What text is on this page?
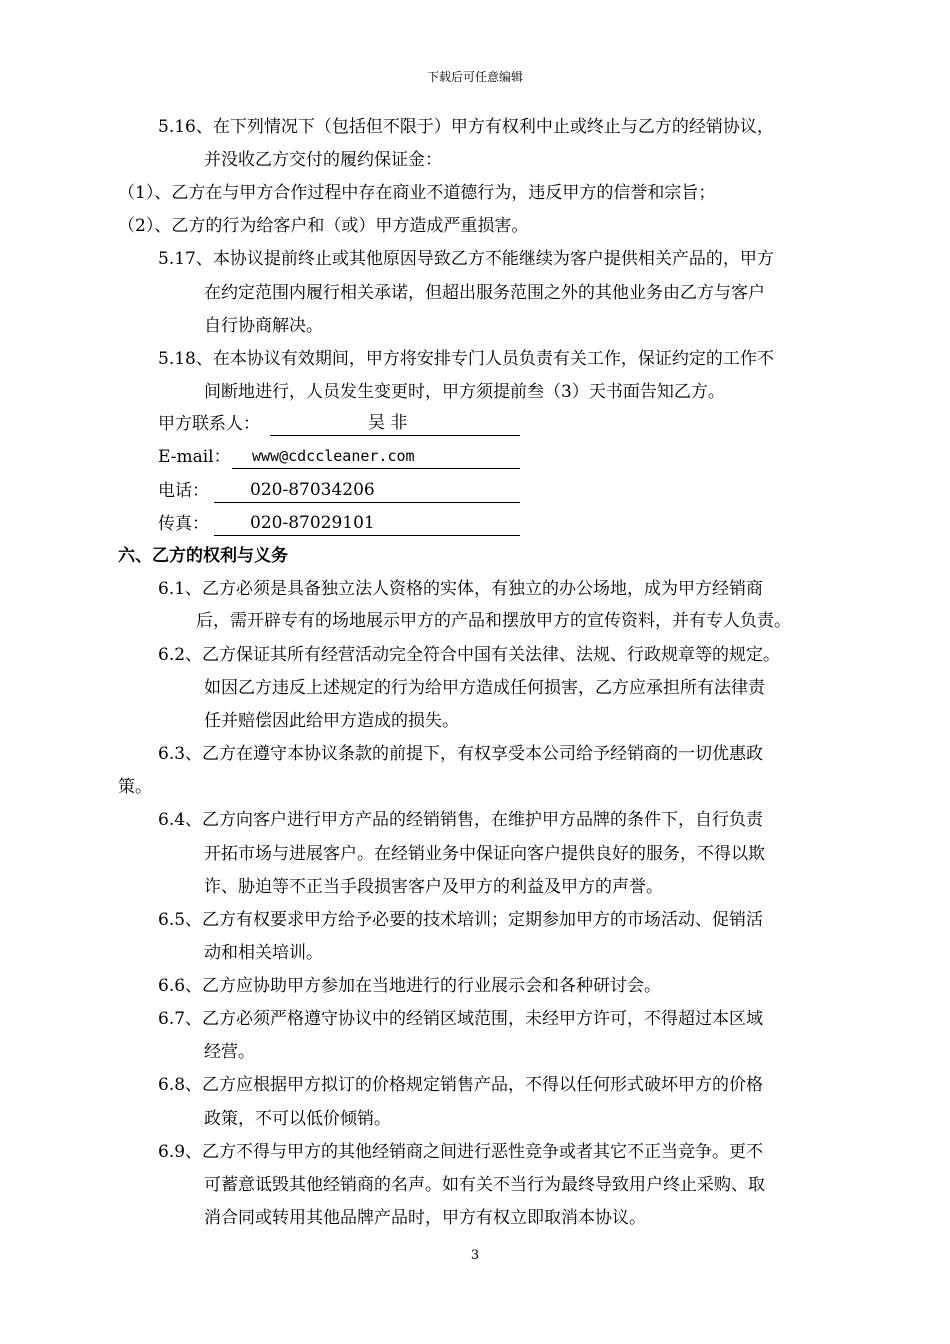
下载后可任意编辑
5.16、在下列情况下（包括但不限于）甲方有权利中止或终止与乙方的经销协议，
并没收乙方交付的履约保证金：
（1）、乙方在与甲方合作过程中存在商业不道德行为，违反甲方的信誉和宗旨；
（2）、乙方的行为给客户和（或）甲方造成严重损害。
5.17、本协议提前终止或其他原因导致乙方不能继续为客户提供相关产品的，甲方
在约定范围内履行相关承诺，但超出服务范围之外的其他业务由乙方与客户
自行协商解决。
5.18、在本协议有效期间，甲方将安排专门人员负责有关工作，保证约定的工作不
间断地进行，人员发生变更时，甲方须提前叁（3）天书面告知乙方。
甲方联系人：	吴 非
E-mail： www@cdccleaner.com
电话： 020-87034206
传真： 020-87029101
六、乙方的权利与义务
6.1、乙方必须是具备独立法人资格的实体，有独立的办公场地，成为甲方经销商
后，需开辟专有的场地展示甲方的产品和摆放甲方的宣传资料，并有专人负责。
6.2、乙方保证其所有经营活动完全符合中国有关法律、法规、行政规章等的规定。
如因乙方违反上述规定的行为给甲方造成任何损害，乙方应承担所有法律责
任并赔偿因此给甲方造成的损失。
6.3、乙方在遵守本协议条款的前提下，有权享受本公司给予经销商的一切优惠政
策。
6.4、乙方向客户进行甲方产品的经销销售，在维护甲方品牌的条件下，自行负责
开拓市场与进展客户。在经销业务中保证向客户提供良好的服务，不得以欺
诈、胁迫等不正当手段损害客户及甲方的利益及甲方的声誉。
6.5、乙方有权要求甲方给予必要的技术培训；定期参加甲方的市场活动、促销活
动和相关培训。
6.6、乙方应协助甲方参加在当地进行的行业展示会和各种研讨会。
6.7、乙方必须严格遵守协议中的经销区域范围，未经甲方许可，不得超过本区域
经营。
6.8、乙方应根据甲方拟订的价格规定销售产品，不得以任何形式破坏甲方的价格
政策，不可以低价倾销。
6.9、乙方不得与甲方的其他经销商之间进行恶性竞争或者其它不正当竞争。更不
可蓄意诋毁其他经销商的名声。如有关不当行为最终导致用户终止采购、取
消合同或转用其他品牌产品时，甲方有权立即取消本协议。
3
